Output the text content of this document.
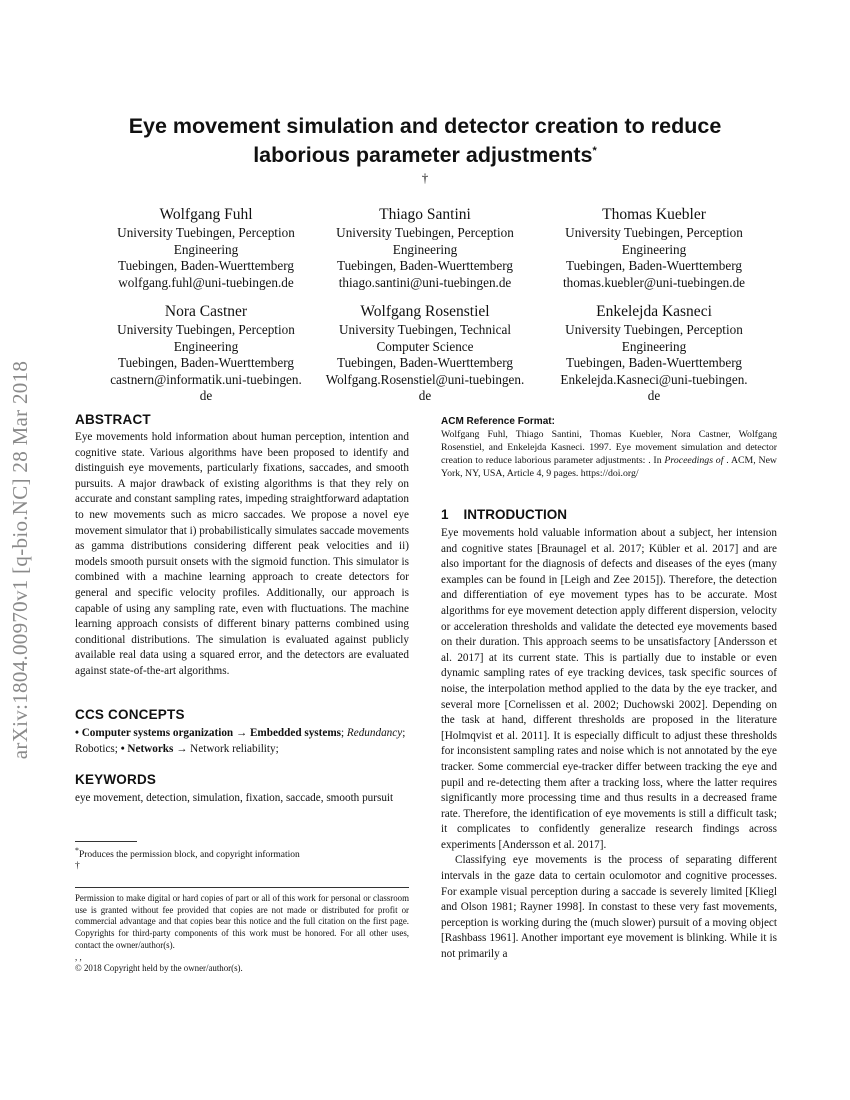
arXiv:1804.00970v1 [q-bio.NC] 28 Mar 2018
Eye movement simulation and detector creation to reduce
laborious parameter adjustments*
†
Wolfgang Fuhl
University Tuebingen, Perception
Engineering
Tuebingen, Baden-Wuerttemberg
wolfgang.fuhl@uni-tuebingen.de
Thiago Santini
University Tuebingen, Perception
Engineering
Tuebingen, Baden-Wuerttemberg
thiago.santini@uni-tuebingen.de
Thomas Kuebler
University Tuebingen, Perception
Engineering
Tuebingen, Baden-Wuerttemberg
thomas.kuebler@uni-tuebingen.de
Nora Castner
University Tuebingen, Perception
Engineering
Tuebingen, Baden-Wuerttemberg
castnern@informatik.uni-tuebingen.
de
Wolfgang Rosenstiel
University Tuebingen, Technical
Computer Science
Tuebingen, Baden-Wuerttemberg
Wolfgang.Rosenstiel@uni-tuebingen.
de
Enkelejda Kasneci
University Tuebingen, Perception
Engineering
Tuebingen, Baden-Wuerttemberg
Enkelejda.Kasneci@uni-tuebingen.
de
ABSTRACT

Eye movements hold information about human perception, intention and cognitive state. Various algorithms have been proposed to identify and distinguish eye movements, particularly fixations, saccades, and smooth pursuits. A major drawback of existing algorithms is that they rely on accurate and constant sampling rates, impeding straightforward adaptation to new movements such as micro saccades. We propose a novel eye movement simulator that i) probabilistically simulates saccade movements as gamma distributions considering different peak velocities and ii) models smooth pursuit onsets with the sigmoid function. This simulator is combined with a machine learning approach to create detectors for general and specific velocity profiles. Additionally, our approach is capable of using any sampling rate, even with fluctuations. The machine learning approach consists of different binary patterns combined using conditional distributions. The simulation is evaluated against publicly available real data using a squared error, and the detectors are evaluated against state-of-the-art algorithms.

CCS CONCEPTS

• Computer systems organization → Embedded systems; Redundancy; Robotics; • Networks → Network reliability;

KEYWORDS

eye movement, detection, simulation, fixation, saccade, smooth pursuit

*Produces the permission block, and copyright information
†
Permission to make digital or hard copies of part or all of this work for personal or classroom use is granted without fee provided that copies are not made or distributed for profit or commercial advantage and that copies bear this notice and the full citation on the first page. Copyrights for third-party components of this work must be honored. For all other uses, contact the owner/author(s).
, ,
© 2018 Copyright held by the owner/author(s).
ACM Reference Format:

Wolfgang Fuhl, Thiago Santini, Thomas Kuebler, Nora Castner, Wolfgang Rosenstiel, and Enkelejda Kasneci. 1997. Eye movement simulation and detector creation to reduce laborious parameter adjustments: . In Proceedings of . ACM, New York, NY, USA, Article 4, 9 pages. https://doi.org/

1    INTRODUCTION

Eye movements hold valuable information about a subject, her intension and cognitive states [Braunagel et al. 2017; Kübler et al. 2017] and are also important for the diagnosis of defects and diseases of the eyes (many examples can be found in [Leigh and Zee 2015]). Therefore, the detection and differentiation of eye movement types has to be accurate. Most algorithms for eye movement detection apply different dispersion, velocity or acceleration thresholds and validate the detected eye movements based on their duration. This approach seems to be unsatisfactory [Andersson et al. 2017] at its current state. This is partially due to instable or even dynamic sampling rates of eye tracking devices, task specific sources of noise, the interpolation method applied to the data by the eye tracker, and several more [Cornelissen et al. 2002; Duchowski 2002]. Depending on the task at hand, different thresholds are proposed in the literature [Holmqvist et al. 2011]. It is especially difficult to adjust these thresholds for inconsistent sampling rates and noise which is not annotated by the eye tracker. Some commercial eye-tracker differ between tracking the eye and pupil and re-detecting them after a tracking loss, where the latter requires significantly more processing time and thus results in a decreased frame rate. Therefore, the identification of eye movements is still a difficult task; it complicates to confidently generalize research findings across experiments [Andersson et al. 2017].

Classifying eye movements is the process of separating different intervals in the gaze data to certain oculomotor and cognitive processes. For example visual perception during a saccade is severely limited [Kliegl and Olson 1981; Rayner 1998]. In constast to these very fast movements, perception is working during the (much slower) pursuit of a moving object [Rashbass 1961]. Another important eye movement is blinking. While it is not primarily a
